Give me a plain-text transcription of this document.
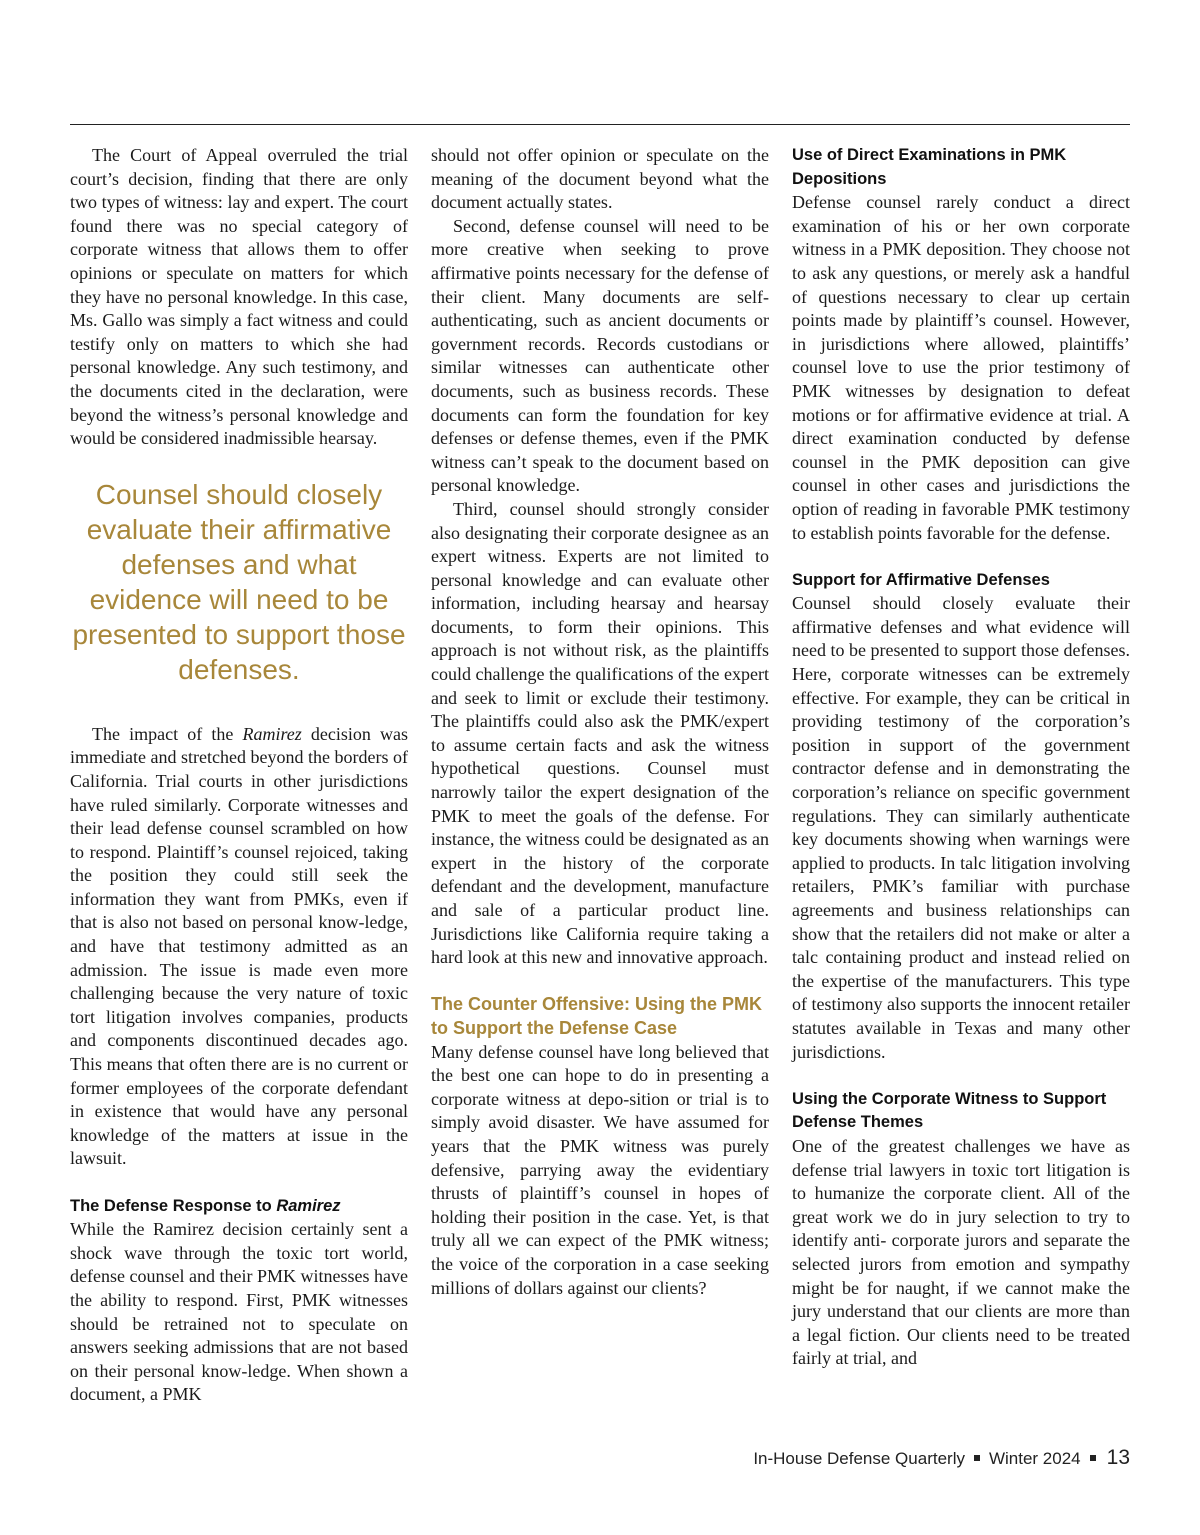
The Court of Appeal overruled the trial court’s decision, finding that there are only two types of witness: lay and expert. The court found there was no special category of corporate witness that allows them to offer opinions or speculate on matters for which they have no personal knowledge. In this case, Ms. Gallo was simply a fact witness and could testify only on matters to which she had personal knowledge. Any such testimony, and the documents cited in the declaration, were beyond the witness’s personal knowledge and would be considered inadmissible hearsay.

Counsel should closely evaluate their affirmative defenses and what evidence will need to be presented to support those defenses.

The impact of the Ramirez decision was immediate and stretched beyond the borders of California. Trial courts in other jurisdictions have ruled similarly. Corporate witnesses and their lead defense counsel scrambled on how to respond. Plaintiff’s counsel rejoiced, taking the position they could still seek the information they want from PMKs, even if that is also not based on personal know-ledge, and have that testimony admitted as an admission. The issue is made even more challenging because the very nature of toxic tort litigation involves companies, products and components discontinued decades ago. This means that often there are is no current or former employees of the corporate defendant in existence that would have any personal knowledge of the matters at issue in the lawsuit.

The Defense Response to Ramirez

While the Ramirez decision certainly sent a shock wave through the toxic tort world, defense counsel and their PMK witnesses have the ability to respond. First, PMK witnesses should be retrained not to speculate on answers seeking admissions that are not based on their personal know-ledge. When shown a document, a PMK

should not offer opinion or speculate on the meaning of the document beyond what the document actually states.

Second, defense counsel will need to be more creative when seeking to prove affirmative points necessary for the defense of their client. Many documents are self-authenticating, such as ancient documents or government records. Records custodians or similar witnesses can authenticate other documents, such as business records. These documents can form the foundation for key defenses or defense themes, even if the PMK witness can’t speak to the document based on personal knowledge.

Third, counsel should strongly consider also designating their corporate designee as an expert witness. Experts are not limited to personal knowledge and can evaluate other information, including hearsay and hearsay documents, to form their opinions. This approach is not without risk, as the plaintiffs could challenge the qualifications of the expert and seek to limit or exclude their testimony. The plaintiffs could also ask the PMK/expert to assume certain facts and ask the witness hypothetical questions. Counsel must narrowly tailor the expert designation of the PMK to meet the goals of the defense. For instance, the witness could be designated as an expert in the history of the corporate defendant and the development, manufacture and sale of a particular product line. Jurisdictions like California require taking a hard look at this new and innovative approach.

The Counter Offensive: Using the PMK to Support the Defense Case

Many defense counsel have long believed that the best one can hope to do in presenting a corporate witness at depo-sition or trial is to simply avoid disaster. We have assumed for years that the PMK witness was purely defensive, parrying away the evidentiary thrusts of plaintiff’s counsel in hopes of holding their position in the case. Yet, is that truly all we can expect of the PMK witness; the voice of the corporation in a case seeking millions of dollars against our clients?

Use of Direct Examinations in PMK Depositions

Defense counsel rarely conduct a direct examination of his or her own corporate witness in a PMK deposition. They choose not to ask any questions, or merely ask a handful of questions necessary to clear up certain points made by plaintiff’s counsel. However, in jurisdictions where allowed, plaintiffs’ counsel love to use the prior testimony of PMK witnesses by designation to defeat motions or for affirmative evidence at trial. A direct examination conducted by defense counsel in the PMK deposition can give counsel in other cases and jurisdictions the option of reading in favorable PMK testimony to establish points favorable for the defense.

Support for Affirmative Defenses

Counsel should closely evaluate their affirmative defenses and what evidence will need to be presented to support those defenses. Here, corporate witnesses can be extremely effective. For example, they can be critical in providing testimony of the corporation’s position in support of the government contractor defense and in demonstrating the corporation’s reliance on specific government regulations. They can similarly authenticate key documents showing when warnings were applied to products. In talc litigation involving retailers, PMK’s familiar with purchase agreements and business relationships can show that the retailers did not make or alter a talc containing product and instead relied on the expertise of the manufacturers. This type of testimony also supports the innocent retailer statutes available in Texas and many other jurisdictions.

Using the Corporate Witness to Support Defense Themes

One of the greatest challenges we have as defense trial lawyers in toxic tort litigation is to humanize the corporate client. All of the great work we do in jury selection to try to identify anti- corporate jurors and separate the selected jurors from emotion and sympathy might be for naught, if we cannot make the jury understand that our clients are more than a legal fiction. Our clients need to be treated fairly at trial, and

In-House Defense Quarterly Winter 2024 13
